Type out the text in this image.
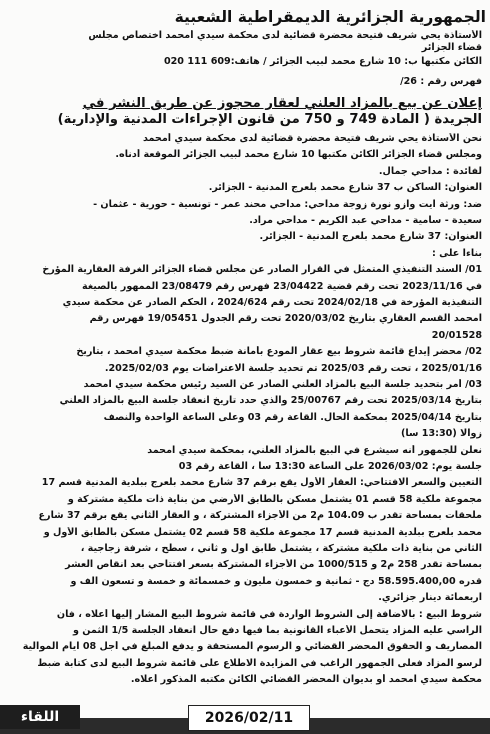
الجمهورية الجزائرية الديمقراطية الشعبية
الأستاذة يحي شريف فتيحة محضرة قضائية لدى محكمة سيدي أمحمد اختصاص مجلس
قضاء الجزائر
الكائن مكتبها ب: 10 شارع محمد لبيب الجزائر / هاتف:609 111 020
فهرس رقم : 26/
إعلان عن بيع بالمزاد العلني لعقار محجوز عن طريق النشر في
الجريدة ( المادة 749 و 750 من قانون الإجراءات المدنية والإدارية)
نحن الأستاذة يحي شريف فتيحة محضرة قضائية لدى محكمة سيدي أمحمد
ومجلس قضاء الجزائر الكائن مكتبها 10 شارع محمد لبيب الجزائر الموقعة أدناه.
لفائدة : مداحي جمال.
العنوان: الساكن ب 37 شارع محمد بلعرج المدنية - الجزائر.
ضد: ورثة ايت وازو نورة زوجة مداحي: مداحي محند عمر - تونسية - حورية - عثمان -
سعيدة - سامية - مداحي عبد الكريم - مداحي مراد.
العنوان: 37 شارع محمد بلعرج المدنية - الجزائر.
بناءا على :
01/ السند التنفيذي المتمثل في القرار الصادر عن مجلس قضاء الجزائر الغرفة العقارية المؤرخ
في 2023/11/16 تحت رقم قضية 23/04422 فهرس رقم 23/08479 الممهور بالصيغة
التنفيذية المؤرخة في 2024/02/18 تحت رقم 2024/624 ، الحكم الصادر عن محكمة سيدي
امحمد القسم العقاري بتاريخ 2020/03/02 تحت رقم الجدول 19/05451 فهرس رقم
20/01528
02/ محضر إيداع قائمة شروط بيع عقار المودع بأمانة ضبط محكمة سيدي امحمد ، بتاريخ
2025/01/16 ، تحت رقم 2025/03 تم تحديد جلسة الاعتراضات يوم 2025/02/03.
03/ أمر بتحديد جلسة البيع بالمزاد العلني الصادر عن السيد رئيس محكمة سيدي امحمد
بتاريخ 2025/03/14 تحت رقم 25/00767 والذي حدد تاريخ انعقاد جلسة البيع بالمزاد العلني
بتاريخ 2025/04/14 بمحكمة الحال. القاعة رقم 03 وعلى الساعة الواحدة والنصف
زوالا (13:30 سا)
نعلن للجمهور أنه سيشرع في البيع بالمزاد العلني، بمحكمة سيدي امحمد
جلسة يوم: 2026/03/02 على الساعة 13:30 سا ، القاعة رقم 03
التعيين والسعر الافتتاحي: العقار الأول يقع برقم 37 شارع محمد بلعرج ببلدية المدنية قسم 17
مجموعة ملكية 58 قسم 01 يشتمل مسكن بالطابق الأرضي من بناية ذات ملكية مشتركة و
ملحقات بمساحة تقدر ب 104.09 م2 من الأجزاء المشتركة ، و العقار الثاني يقع برقم 37 شارع
محمد بلعرج ببلدية المدنية قسم 17 مجموعة ملكية 58 قسم 02 يشتمل مسكن بالطابق الأول و
الثاني من بناية ذات ملكية مشتركة ، يشتمل طابق اول و ثاني ، سطح ، شرفة زجاجية ،
بمساحة تقدر 258 م2 و 1000/515 من الأجزاء المشتركة بسعر افتتاحي بعد انقاص العشر
قدره 58.595.400,00 دج - ثمانية و خمسون مليون و خمسمائة و خمسة و تسعون الف و
اربعمائة دينار جزائري.
شروط البيع : بالاضافة إلى الشروط الواردة في قائمة شروط البيع المشار إليها أعلاه ، فان
الراسي عليه المزاد يتحمل الأعباء القانونية بما فيها دفع حال انعقاد الجلسة 1/5 الثمن و
المصاريف و الحقوق المحضر القضائي و الرسوم المستحقة و يدفع المبلغ في أجل 08 ايام الموالية
لرسو المزاد فعلى الجمهور الراغب في المزايدة الاطلاع على قائمة شروط البيع لدى كتابة ضبط
محكمة سيدي امحمد أو بديوان المحضر القضائي الكائن مكتبه المذكور أعلاه.
اللقاء	2026/02/11
